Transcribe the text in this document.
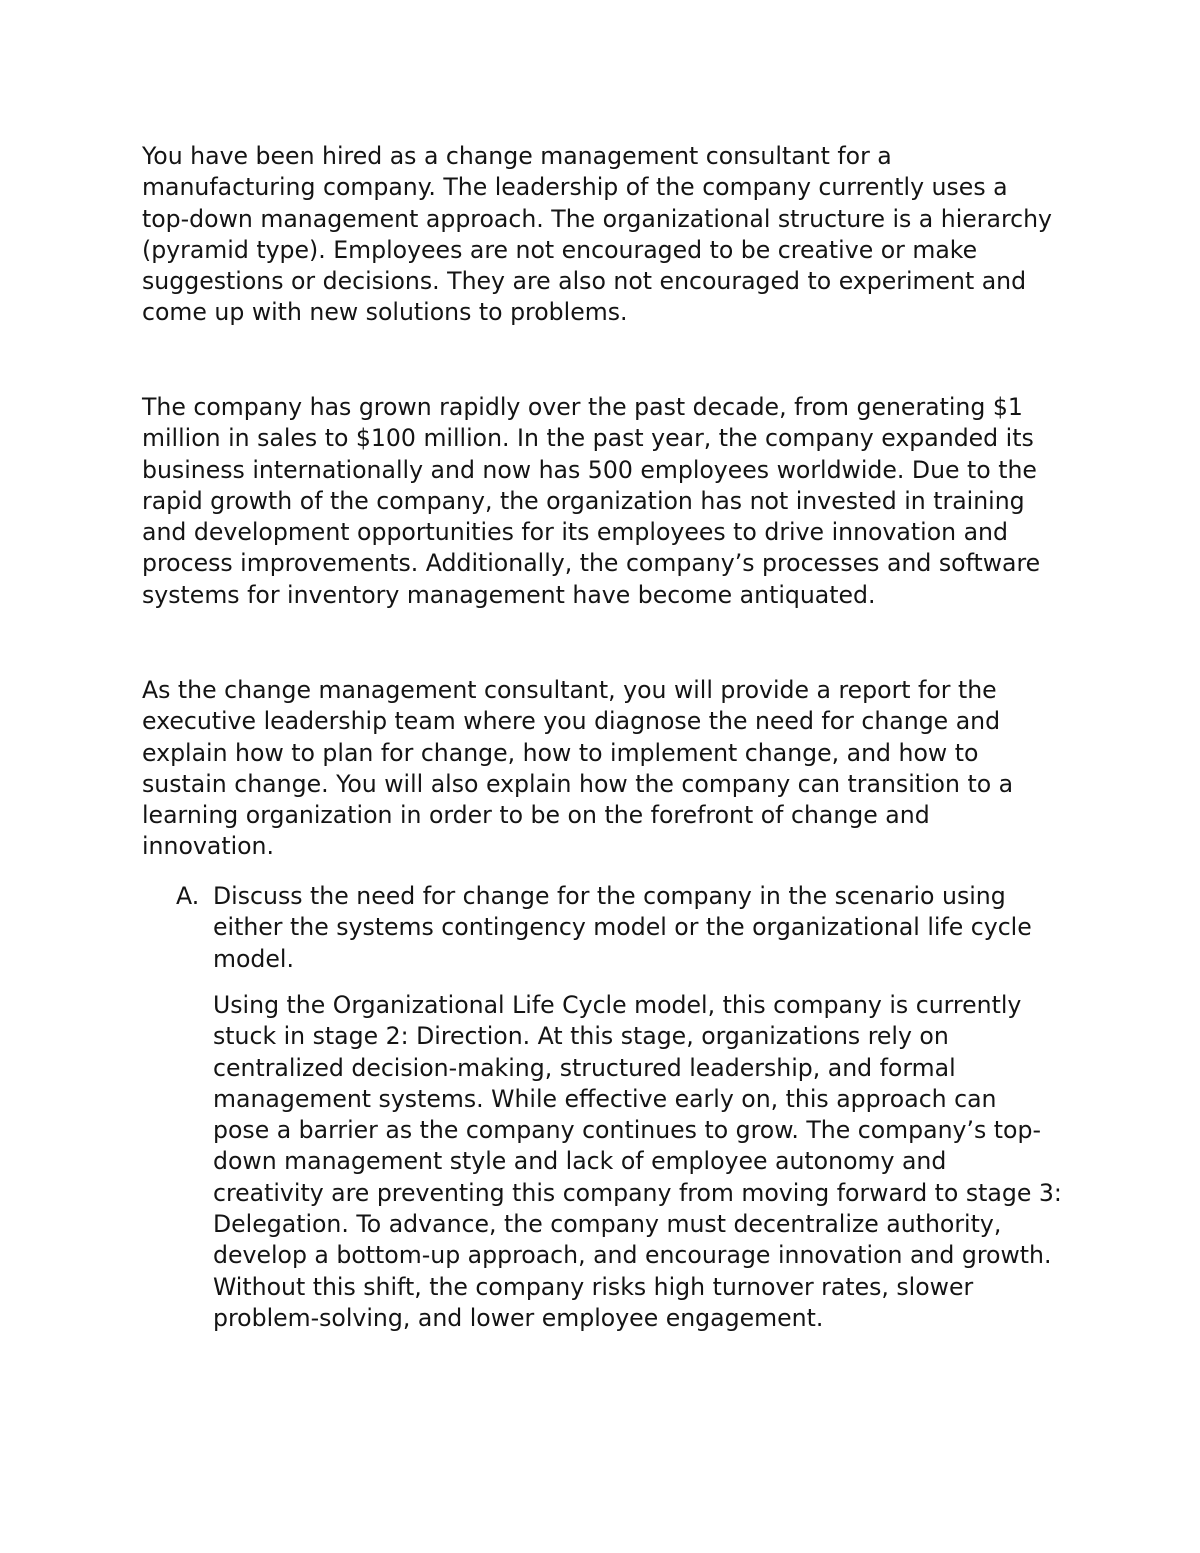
You have been hired as a change management consultant for a
manufacturing company. The leadership of the company currently uses a
top-down management approach. The organizational structure is a hierarchy
(pyramid type). Employees are not encouraged to be creative or make
suggestions or decisions. They are also not encouraged to experiment and
come up with new solutions to problems.

The company has grown rapidly over the past decade, from generating $1
million in sales to $100 million. In the past year, the company expanded its
business internationally and now has 500 employees worldwide. Due to the
rapid growth of the company, the organization has not invested in training
and development opportunities for its employees to drive innovation and
process improvements. Additionally, the company’s processes and software
systems for inventory management have become antiquated.

As the change management consultant, you will provide a report for the
executive leadership team where you diagnose the need for change and
explain how to plan for change, how to implement change, and how to
sustain change. You will also explain how the company can transition to a
learning organization in order to be on the forefront of change and
innovation.

A. Discuss the need for change for the company in the scenario using
either the systems contingency model or the organizational life cycle
model.

Using the Organizational Life Cycle model, this company is currently
stuck in stage 2: Direction. At this stage, organizations rely on
centralized decision-making, structured leadership, and formal
management systems. While effective early on, this approach can
pose a barrier as the company continues to grow. The company’s top-
down management style and lack of employee autonomy and
creativity are preventing this company from moving forward to stage 3:
Delegation. To advance, the company must decentralize authority,
develop a bottom-up approach, and encourage innovation and growth.
Without this shift, the company risks high turnover rates, slower
problem-solving, and lower employee engagement.
